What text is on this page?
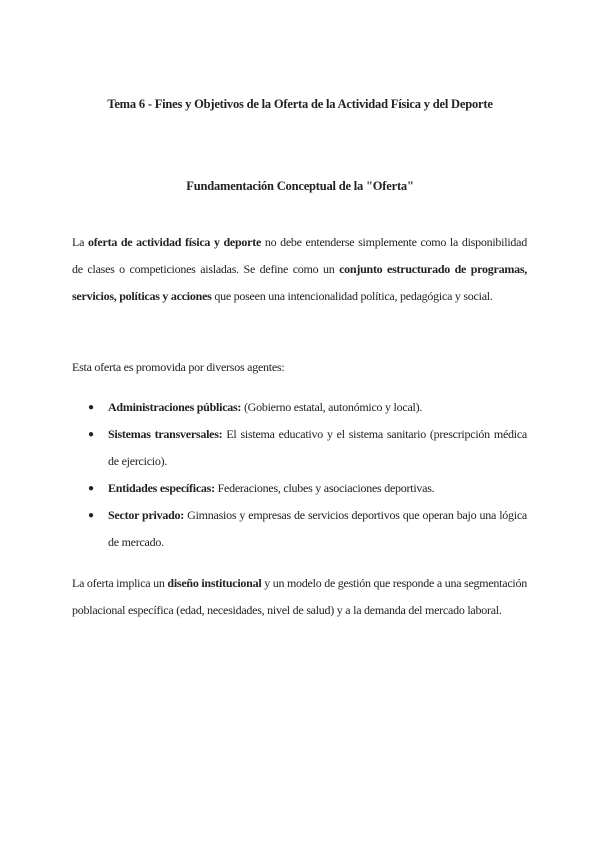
Tema 6 - Fines y Objetivos de la Oferta de la Actividad Física y del Deporte
Fundamentación Conceptual de la "Oferta"
La oferta de actividad física y deporte no debe entenderse simplemente como la disponibilidad de clases o competiciones aisladas. Se define como un conjunto estructurado de programas, servicios, políticas y acciones que poseen una intencionalidad política, pedagógica y social.
Esta oferta es promovida por diversos agentes:
● Administraciones públicas: (Gobierno estatal, autonómico y local).
● Sistemas transversales: El sistema educativo y el sistema sanitario (prescripción médica de ejercicio).
● Entidades específicas: Federaciones, clubes y asociaciones deportivas.
● Sector privado: Gimnasios y empresas de servicios deportivos que operan bajo una lógica de mercado.
La oferta implica un diseño institucional y un modelo de gestión que responde a una segmentación poblacional específica (edad, necesidades, nivel de salud) y a la demanda del mercado laboral.
